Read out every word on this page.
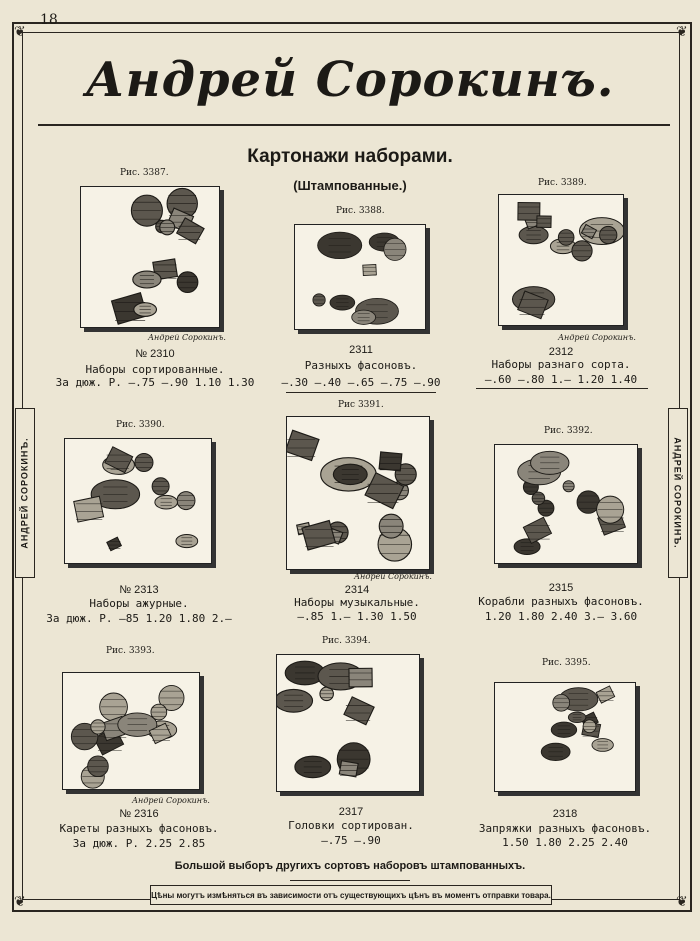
❦	❦
❦	❦
18
Андрей Сорокинъ.
Картонажи наборами.
(Штампованные.)
АНДРЕЙ СОРОКИНЪ.	АНДРЕЙ СОРОКИНЪ.
Рис. 3387.
Андрей Сорокинъ.
№ 2310
Наборы сортированные.
За дюж. Р. —.75 —.90 1.10 1.30
Рис. 3388.
2311
Разныхъ фасоновъ.
—.30 —.40 —.65 —.75 —.90
Рис. 3389.
Андрей Сорокинъ.
2312
Наборы разнаго сорта.
—.60 —.80 1.— 1.20 1.40
Рис. 3390.
№ 2313
Наборы ажурные.
За дюж. Р. —85 1.20 1.80 2.—
Рис 3391.
Андрей Сорокинъ.
2314
Наборы музыкальные.
—.85 1.— 1.30 1.50
Рис. 3392.
2315
Корабли разныхъ фасоновъ.
1.20 1.80 2.40 3.— 3.60
Рис. 3393.
Андрей Сорокинъ.
№ 2316
Кареты разныхъ фасоновъ.
За дюж. Р. 2.25 2.85
Рис. 3394.
2317
Головки сортирован.
—.75 —.90
Рис. 3395.
2318
Запряжки разныхъ фасоновъ.
1.50 1.80 2.25 2.40
Большой выборъ другихъ сортовъ наборовъ штампованныхъ.
Цѣны могутъ измѣняться въ зависимости отъ существующихъ цѣнъ въ моментъ отправки товара.
